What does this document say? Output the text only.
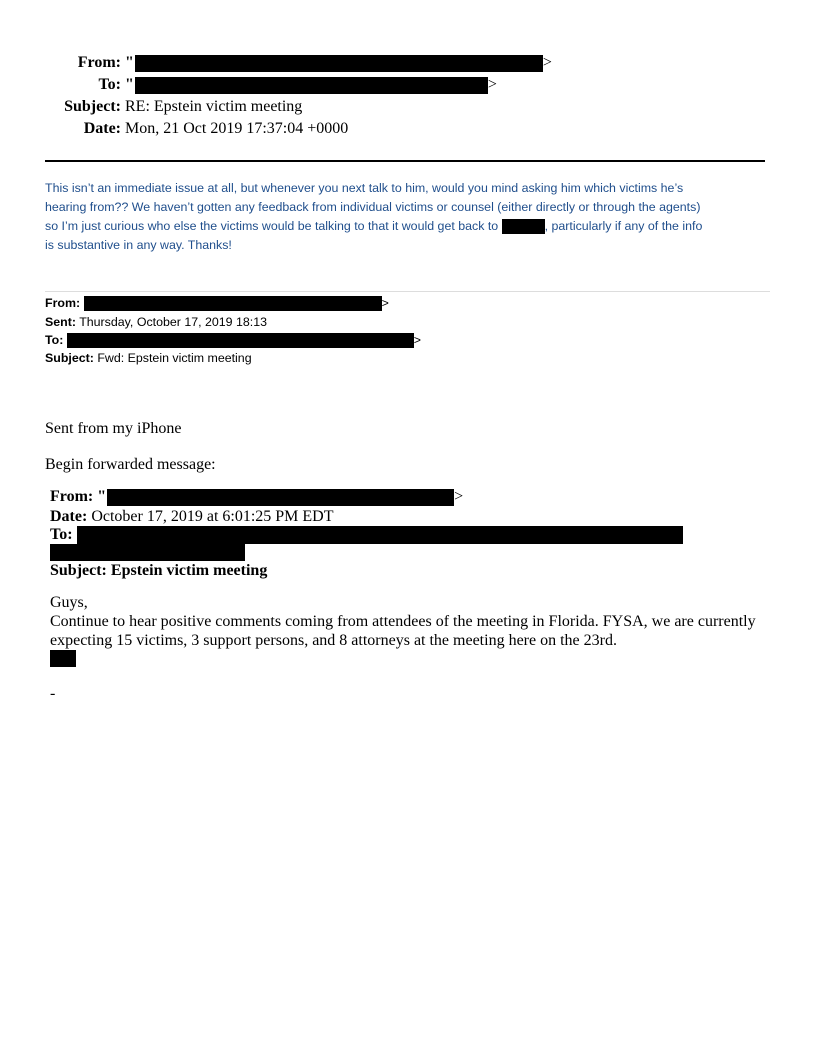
From: "	>
To: "	>
Subject: RE: Epstein victim meeting
Date: Mon, 21 Oct 2019 17:37:04 +0000
This isn’t an immediate issue at all, but whenever you next talk to him, would you mind asking him which victims he’s
hearing from?? We haven’t gotten any feedback from individual victims or counsel (either directly or through the agents)
so I’m just curious who else the victims would be talking to that it would get back to	, particularly if any of the info
is substantive in any way. Thanks!
From:	>
Sent: Thursday, October 17, 2019 18:13
To:	>
Subject: Fwd: Epstein victim meeting
Sent from my iPhone
Begin forwarded message:
From: "	>
Date: October 17, 2019 at 6:01:25 PM EDT
To:
Subject: Epstein victim meeting
Guys,
Continue to hear positive comments coming from attendees of the meeting in Florida. FYSA, we are currently
expecting 15 victims, 3 support persons, and 8 attorneys at the meeting here on the 23rd.
-
